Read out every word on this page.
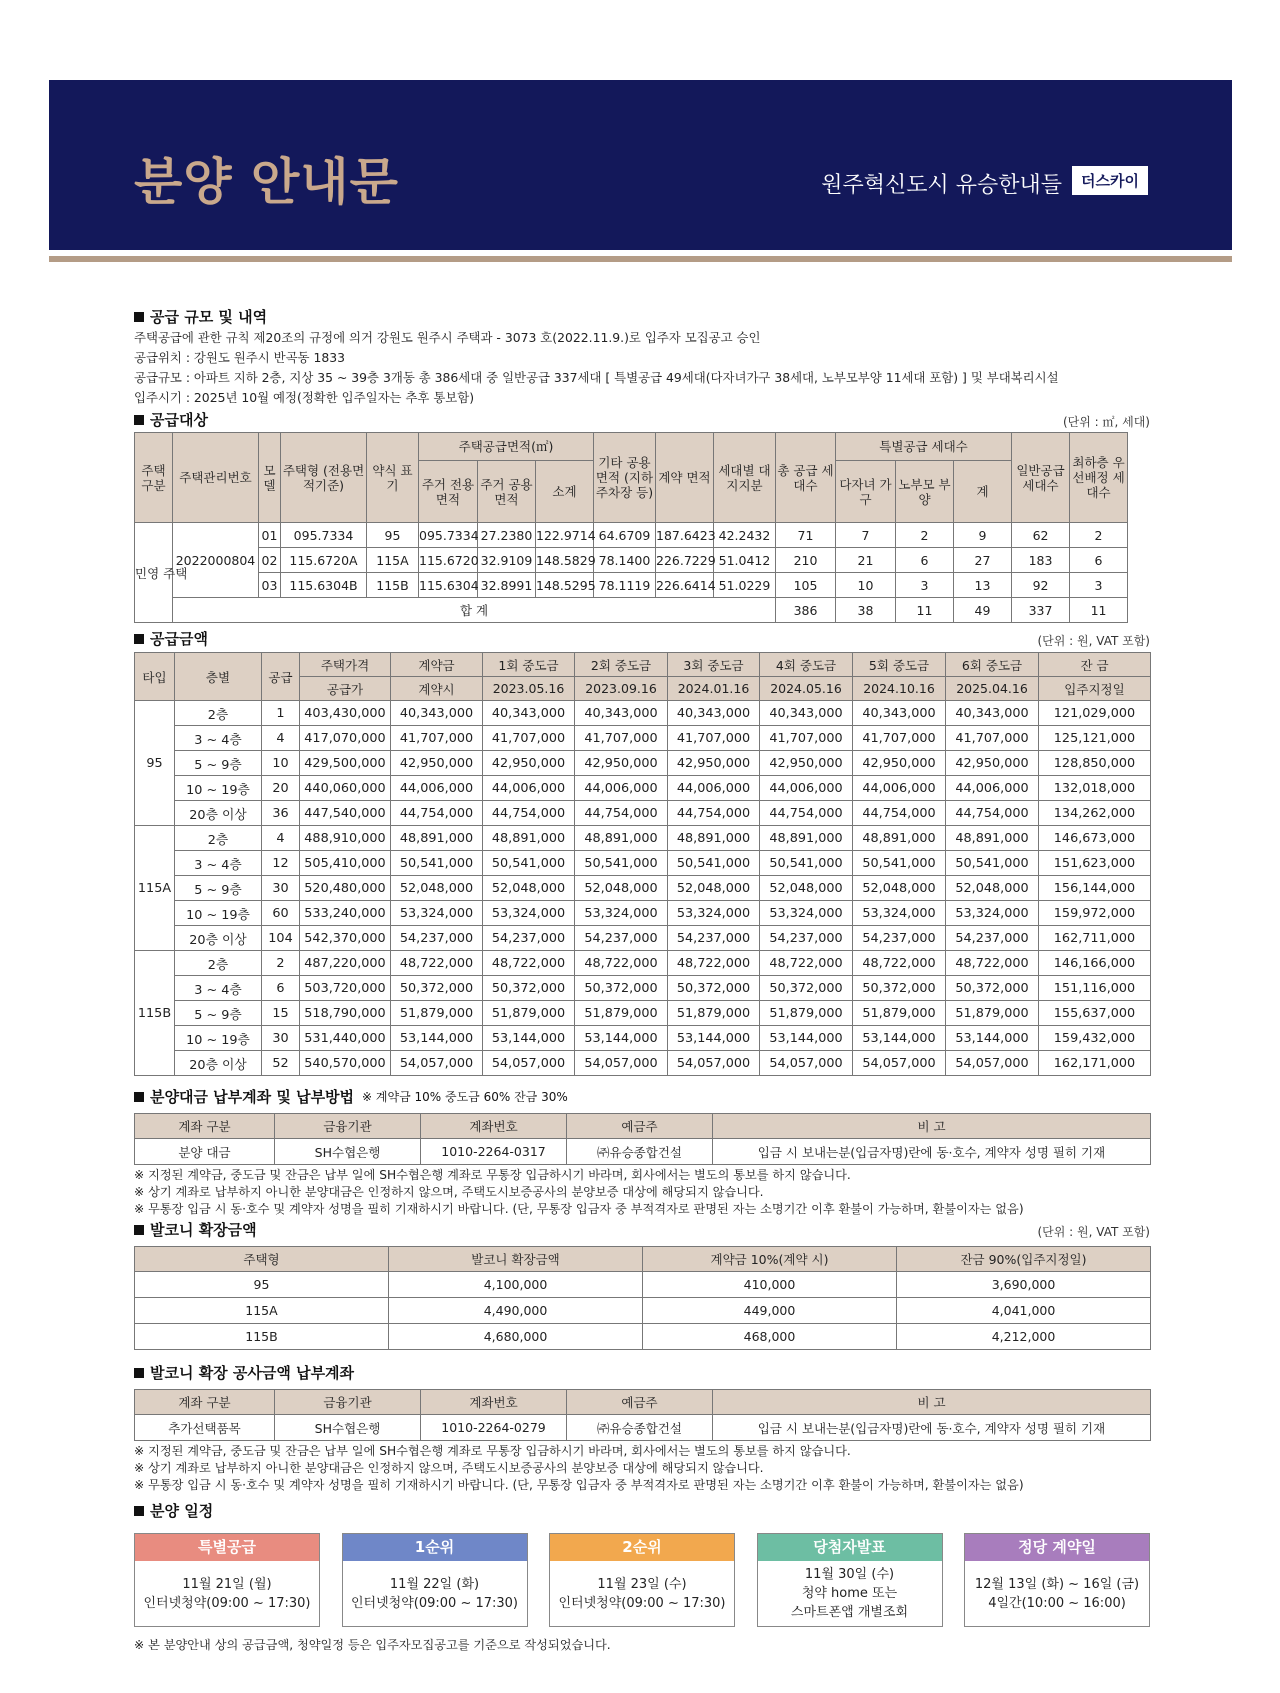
분양 안내문	원주혁신도시 유승한내들	더스카이
공급 규모 및 내역
주택공급에 관한 규칙 제20조의 규정에 의거 강원도 원주시 주택과 - 3073 호(2022.11.9.)로 입주자 모집공고 승인
공급위치 : 강원도 원주시 반곡동 1833
공급규모 : 아파트 지하 2층, 지상 35 ~ 39층 3개동 총 386세대 중 일반공급 337세대 [ 특별공급 49세대(다자녀가구 38세대, 노부모부양 11세대 포함) ] 및 부대복리시설
입주시기 : 2025년 10월 예정(정확한 입주일자는 추후 통보함)
공급대상	(단위 : ㎡, 세대)
주택 구분	주택관리번호	모 델	주택형 (전용면적기준)	약식 표기	주택공급면적(㎡)			기타 공용면적 (지하 주차장 등)	계약 면적	세대별 대지지분	총 공급 세대수	특별공급 세대수			일반공급 세대수	최하층 우선배정 세대수
					주거 전용면적	주거 공용면적	소계					다자녀 가구	노부모 부양	계		
민영 주택	2022000804	01	095.7334	95	095.7334	27.2380	122.9714	64.6709	187.6423	42.2432	71	7	2	9	62	2
		02	115.6720A	115A	115.6720	32.9109	148.5829	78.1400	226.7229	51.0412	210	21	6	27	183	6
		03	115.6304B	115B	115.6304	32.8991	148.5295	78.1119	226.6414	51.0229	105	10	3	13	92	3
	합 계										386	38	11	49	337	11
공급금액	(단위 : 원, VAT 포함)
타입	층별	공급	주택가격	계약금	1회 중도금	2회 중도금	3회 중도금	4회 중도금	5회 중도금	6회 중도금	잔 금
			공급가	계약시	2023.05.16	2023.09.16	2024.01.16	2024.05.16	2024.10.16	2025.04.16	입주지정일
95	2층	1	403,430,000	40,343,000	40,343,000	40,343,000	40,343,000	40,343,000	40,343,000	40,343,000	121,029,000
	3 ~ 4층	4	417,070,000	41,707,000	41,707,000	41,707,000	41,707,000	41,707,000	41,707,000	41,707,000	125,121,000
	5 ~ 9층	10	429,500,000	42,950,000	42,950,000	42,950,000	42,950,000	42,950,000	42,950,000	42,950,000	128,850,000
	10 ~ 19층	20	440,060,000	44,006,000	44,006,000	44,006,000	44,006,000	44,006,000	44,006,000	44,006,000	132,018,000
	20층 이상	36	447,540,000	44,754,000	44,754,000	44,754,000	44,754,000	44,754,000	44,754,000	44,754,000	134,262,000
115A	2층	4	488,910,000	48,891,000	48,891,000	48,891,000	48,891,000	48,891,000	48,891,000	48,891,000	146,673,000
	3 ~ 4층	12	505,410,000	50,541,000	50,541,000	50,541,000	50,541,000	50,541,000	50,541,000	50,541,000	151,623,000
	5 ~ 9층	30	520,480,000	52,048,000	52,048,000	52,048,000	52,048,000	52,048,000	52,048,000	52,048,000	156,144,000
	10 ~ 19층	60	533,240,000	53,324,000	53,324,000	53,324,000	53,324,000	53,324,000	53,324,000	53,324,000	159,972,000
	20층 이상	104	542,370,000	54,237,000	54,237,000	54,237,000	54,237,000	54,237,000	54,237,000	54,237,000	162,711,000
115B	2층	2	487,220,000	48,722,000	48,722,000	48,722,000	48,722,000	48,722,000	48,722,000	48,722,000	146,166,000
	3 ~ 4층	6	503,720,000	50,372,000	50,372,000	50,372,000	50,372,000	50,372,000	50,372,000	50,372,000	151,116,000
	5 ~ 9층	15	518,790,000	51,879,000	51,879,000	51,879,000	51,879,000	51,879,000	51,879,000	51,879,000	155,637,000
	10 ~ 19층	30	531,440,000	53,144,000	53,144,000	53,144,000	53,144,000	53,144,000	53,144,000	53,144,000	159,432,000
	20층 이상	52	540,570,000	54,057,000	54,057,000	54,057,000	54,057,000	54,057,000	54,057,000	54,057,000	162,171,000
분양대금 납부계좌 및 납부방법 ※ 계약금 10% 중도금 60% 잔금 30%
계좌 구분	금융기관	계좌번호	예금주	비 고
분양 대금	SH수협은행	1010-2264-0317	㈜유승종합건설	입금 시 보내는분(입금자명)란에 동·호수, 계약자 성명 필히 기재
※ 지정된 계약금, 중도금 및 잔금은 납부 일에 SH수협은행 계좌로 무통장 입금하시기 바라며, 회사에서는 별도의 통보를 하지 않습니다.
※ 상기 계좌로 납부하지 아니한 분양대금은 인정하지 않으며, 주택도시보증공사의 분양보증 대상에 해당되지 않습니다.
※ 무통장 입금 시 동·호수 및 계약자 성명을 필히 기재하시기 바랍니다. (단, 무통장 입금자 중 부적격자로 판명된 자는 소명기간 이후 환불이 가능하며, 환불이자는 없음)
발코니 확장금액	(단위 : 원, VAT 포함)
주택형	발코니 확장금액	계약금 10%(계약 시)	잔금 90%(입주지정일)
95	4,100,000	410,000	3,690,000
115A	4,490,000	449,000	4,041,000
115B	4,680,000	468,000	4,212,000
발코니 확장 공사금액 납부계좌
계좌 구분	금융기관	계좌번호	예금주	비 고
추가선택품목	SH수협은행	1010-2264-0279	㈜유승종합건설	입금 시 보내는분(입금자명)란에 동·호수, 계약자 성명 필히 기재
※ 지정된 계약금, 중도금 및 잔금은 납부 일에 SH수협은행 계좌로 무통장 입금하시기 바라며, 회사에서는 별도의 통보를 하지 않습니다.
※ 상기 계좌로 납부하지 아니한 분양대금은 인정하지 않으며, 주택도시보증공사의 분양보증 대상에 해당되지 않습니다.
※ 무통장 입금 시 동·호수 및 계약자 성명을 필히 기재하시기 바랍니다. (단, 무통장 입금자 중 부적격자로 판명된 자는 소명기간 이후 환불이 가능하며, 환불이자는 없음)
분양 일정
특별공급
11월 21일 (월)
인터넷청약(09:00 ~ 17:30)
1순위
11월 22일 (화)
인터넷청약(09:00 ~ 17:30)
2순위
11월 23일 (수)
인터넷청약(09:00 ~ 17:30)
당첨자발표
11월 30일 (수)
청약 home 또는
스마트폰앱 개별조회
정당 계약일
12월 13일 (화) ~ 16일 (금)
4일간(10:00 ~ 16:00)
※ 본 분양안내 상의 공급금액, 청약일정 등은 입주자모집공고를 기준으로 작성되었습니다.
